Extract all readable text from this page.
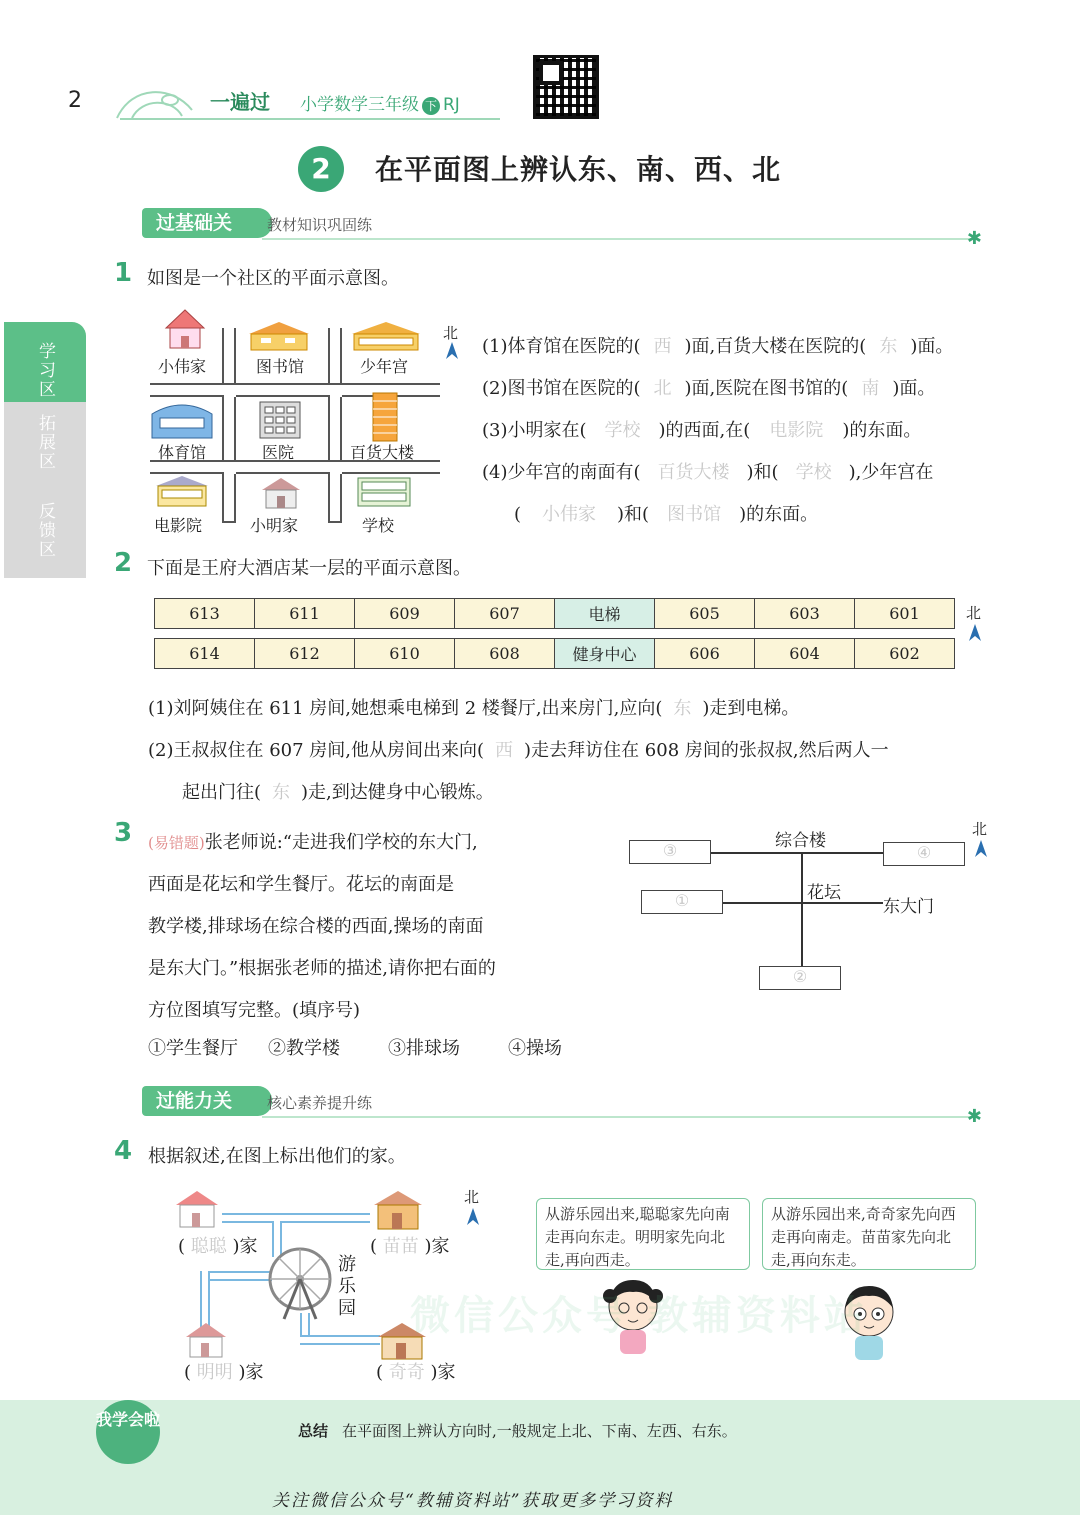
2	一遍过 小学数学三年级 下 RJ
2	在平面图上辨认东、南、西、北
学习区
拓展区
反馈区
过基础关	教材知识巩固练
✱
1 如图是一个社区的平面示意图。
小伟家	图书馆	少年宫
体育馆	医院	百货大楼
电影院	小明家	学校
北
(1)体育馆在医院的( 西 )面,百货大楼在医院的( 东 )面。
(2)图书馆在医院的( 北 )面,医院在图书馆的( 南 )面。
(3)小明家在( 学校 )的西面,在( 电影院 )的东面。
(4)少年宫的南面有( 百货大楼 )和( 学校 ),少年宫在
( 小伟家 )和( 图书馆 )的东面。
2 下面是王府大酒店某一层的平面示意图。
613	611	609	607	电梯	605	603	601

614	612	610	608	健身中心	606	604	602
北
(1)刘阿姨住在 611 房间,她想乘电梯到 2 楼餐厅,出来房门,应向( 东 )走到电梯。
(2)王叔叔住在 607 房间,他从房间出来向( 西 )走去拜访住在 608 房间的张叔叔,然后两人一
起出门往( 东 )走,到达健身中心锻炼。
3 (易错题)张老师说:“走进我们学校的东大门,
西面是花坛和学生餐厅。花坛的南面是
教学楼,排球场在综合楼的西面,操场的南面
是东大门。”根据张老师的描述,请你把右面的
方位图填写完整。(填序号)
①学生餐厅 ②教学楼	③排球场	④操场
③	综合楼
④
①	花坛
东大门
②
北
过能力关	核心素养提升练
✱
4 根据叙述,在图上标出他们的家。
( 聪聪 )家	( 苗苗 )家
( 明明 )家	( 奇奇 )家
游
乐
园
北
从游乐园出来,聪聪家先向南走再向东走。明明家先向北走,再向西走。
从游乐园出来,奇奇家先向西走再向南走。苗苗家先向北走,再向东走。
我学会啦
总结 在平面图上辨认方向时,一般规定上北、下南、左西、右东。
关注微信公众号“教辅资料站”获取更多学习资料
微信公众号 教辅资料站
